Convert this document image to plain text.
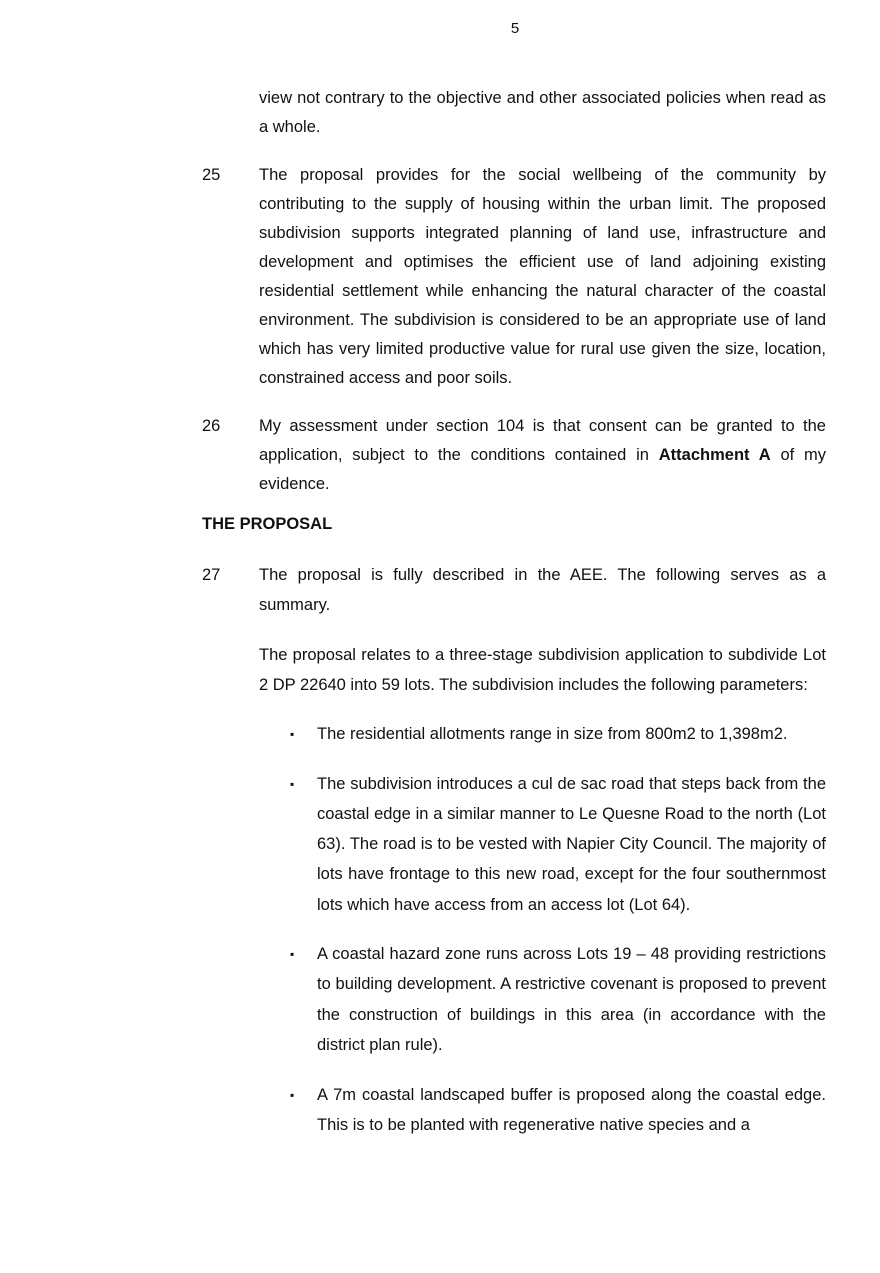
5
view not contrary to the objective and other associated policies when read as a whole.
25 The proposal provides for the social wellbeing of the community by contributing to the supply of housing within the urban limit. The proposed subdivision supports integrated planning of land use, infrastructure and development and optimises the efficient use of land adjoining existing residential settlement while enhancing the natural character of the coastal environment. The subdivision is considered to be an appropriate use of land which has very limited productive value for rural use given the size, location, constrained access and poor soils.
26 My assessment under section 104 is that consent can be granted to the application, subject to the conditions contained in Attachment A of my evidence.
THE PROPOSAL
27 The proposal is fully described in the AEE. The following serves as a summary.
The proposal relates to a three-stage subdivision application to subdivide Lot 2 DP 22640 into 59 lots. The subdivision includes the following parameters:
▪ The residential allotments range in size from 800m2 to 1,398m2.
▪ The subdivision introduces a cul de sac road that steps back from the coastal edge in a similar manner to Le Quesne Road to the north (Lot 63). The road is to be vested with Napier City Council. The majority of lots have frontage to this new road, except for the four southernmost lots which have access from an access lot (Lot 64).
▪ A coastal hazard zone runs across Lots 19 – 48 providing restrictions to building development. A restrictive covenant is proposed to prevent the construction of buildings in this area (in accordance with the district plan rule).
▪ A 7m coastal landscaped buffer is proposed along the coastal edge. This is to be planted with regenerative native species and a
